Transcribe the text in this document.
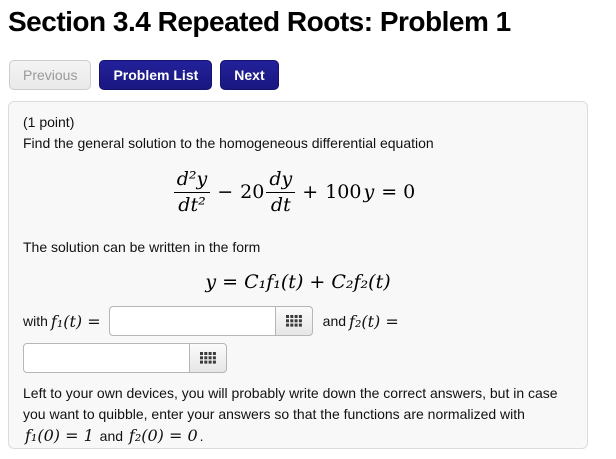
Section 3.4 Repeated Roots: Problem 1
Previous	Problem List	Next
(1 point)
Find the general solution to the homogeneous differential equation
$\frac{\text{d²y}}{\text{dt²}} - 20 \frac{dy}{dt} + 100$ y = 0
The solution can be written in the form
y = C₁f₁(t) + C₂f₂(t)
with f₁(t) =	and f₂(t) =
Left to your own devices, you will probably write down the correct answers, but in case you want to quibble, enter your answers so that the functions are normalized with f₁(0) = 1 and f₂(0) = 0 .
